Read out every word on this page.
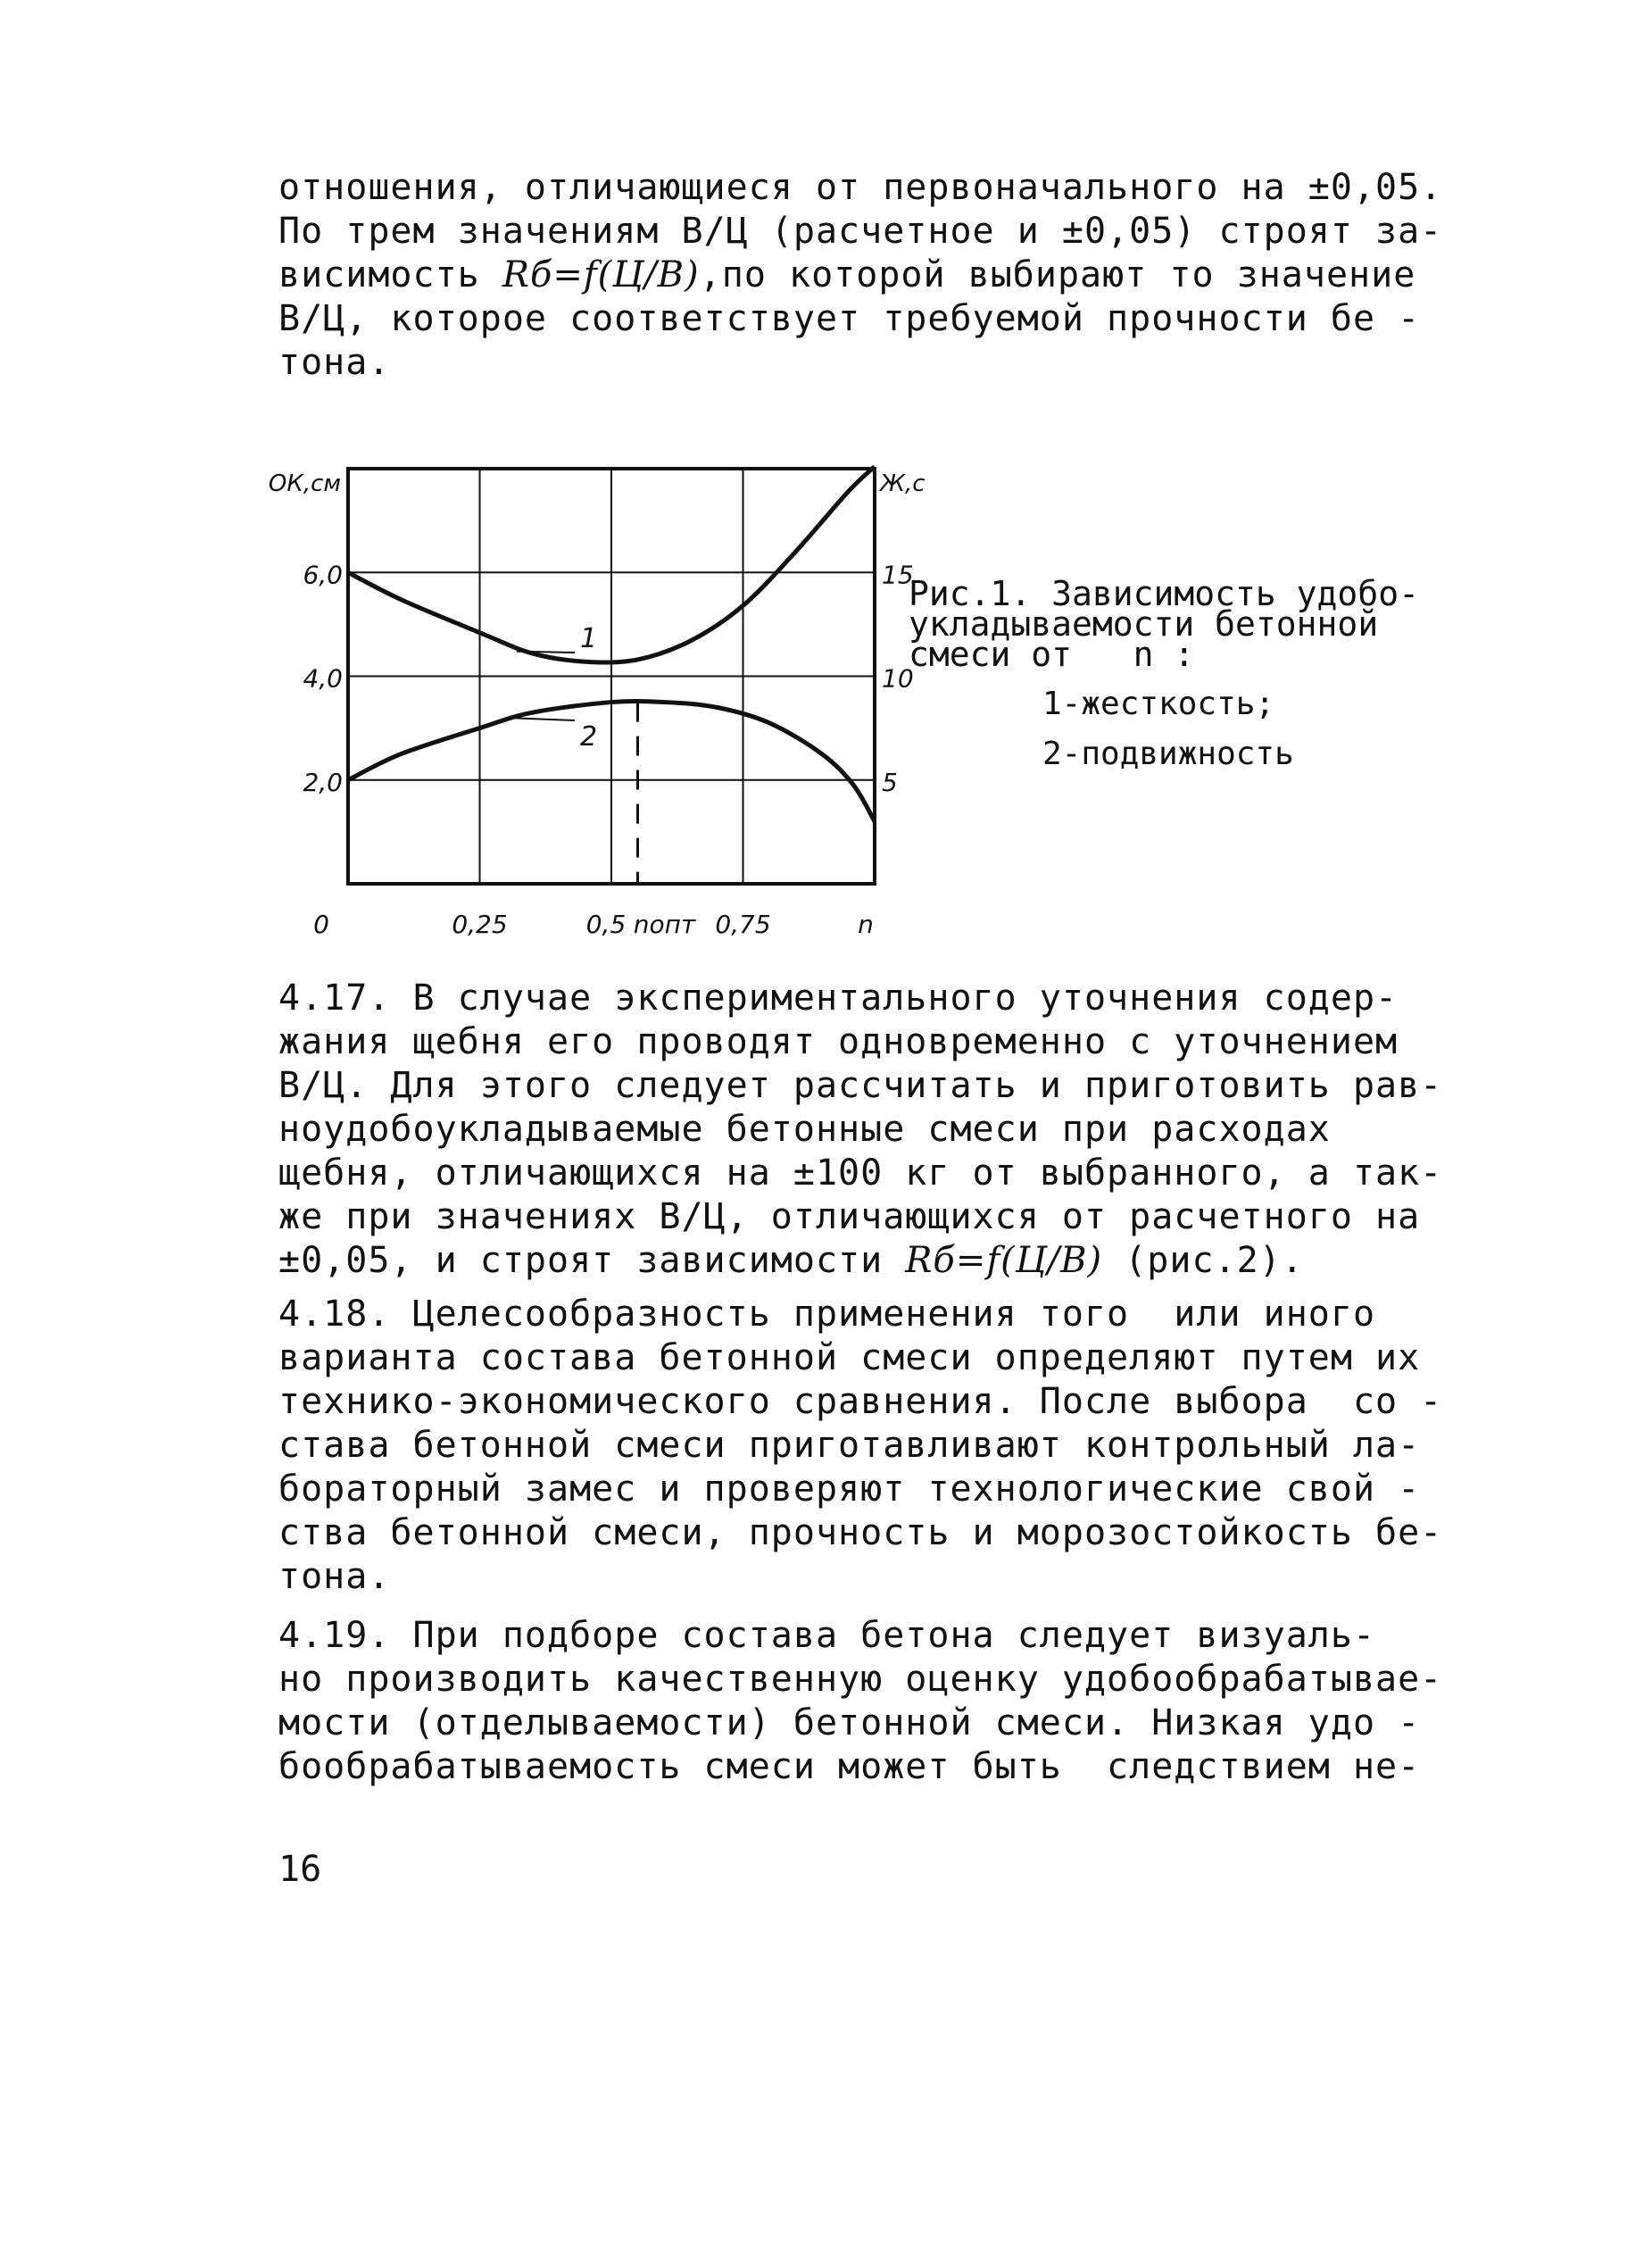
отношения, отличающиеся от первоначального на ±0,05.
По трем значениям В/Ц (расчетное и ±0,05) строят за-
висимость Rб=f(Ц/В),по которой выбирают то значение
В/Ц, которое соответствует требуемой прочности бе -
тона.
1
2
0	0,25	0,5 nопт 0,75	n
ОК,см
6,0
4,0
2,0
Ж,с
15
10
5
Рис.1. Зависимость удобо-
укладываемости бетонной
смеси от   n :
1-жесткость;
2-подвижность
4.17. В случае экспериментального уточнения содер-
жания щебня его проводят одновременно с уточнением
В/Ц. Для этого следует рассчитать и приготовить рав-
ноудобоукладываемые бетонные смеси при расходах
щебня, отличающихся на ±100 кг от выбранного, а так-
же при значениях В/Ц, отличающихся от расчетного на
±0,05, и строят зависимости Rб=f(Ц/В) (рис.2).
4.18. Целесообразность применения того  или иного
варианта состава бетонной смеси определяют путем их
технико-экономического сравнения. После выбора  со -
става бетонной смеси приготавливают контрольный ла-
бораторный замес и проверяют технологические свой -
ства бетонной смеси, прочность и морозостойкость бе-
тона.
4.19. При подборе состава бетона следует визуаль-
но производить качественную оценку удобообрабатывае-
мости (отделываемости) бетонной смеси. Низкая удо -
бообрабатываемость смеси может быть  следствием не-
16
